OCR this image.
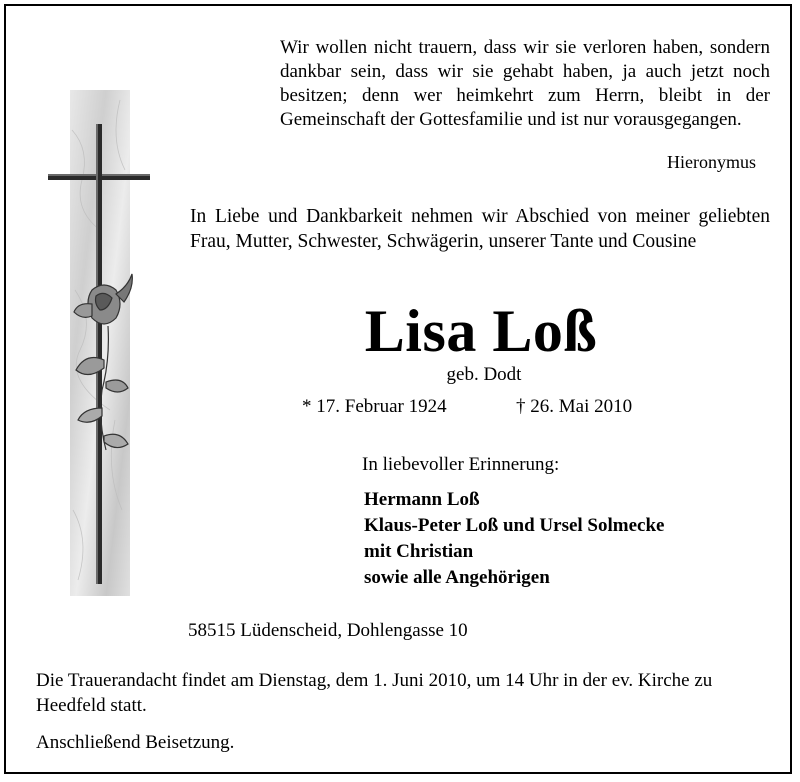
Wir wollen nicht trauern, dass wir sie verloren haben, sondern dankbar sein, dass wir sie gehabt haben, ja auch jetzt noch besitzen; denn wer heimkehrt zum Herrn, bleibt in der Gemeinschaft der Gottesfamilie und ist nur vorausgegangen.

Hieronymus
In Liebe und Dankbarkeit nehmen wir Abschied von meiner geliebten Frau, Mutter, Schwester, Schwägerin, unserer Tante und Cousine
Lisa Loß
geb. Dodt
* 17. Februar 1924	† 26. Mai 2010
In liebevoller Erinnerung:
Hermann Loß
Klaus-Peter Loß und Ursel Solmecke
mit Christian
sowie alle Angehörigen
58515 Lüdenscheid, Dohlengasse 10
Die Trauerandacht findet am Dienstag, dem 1. Juni 2010, um 14 Uhr in der ev. Kirche zu Heedfeld statt.
Anschließend Beisetzung.
